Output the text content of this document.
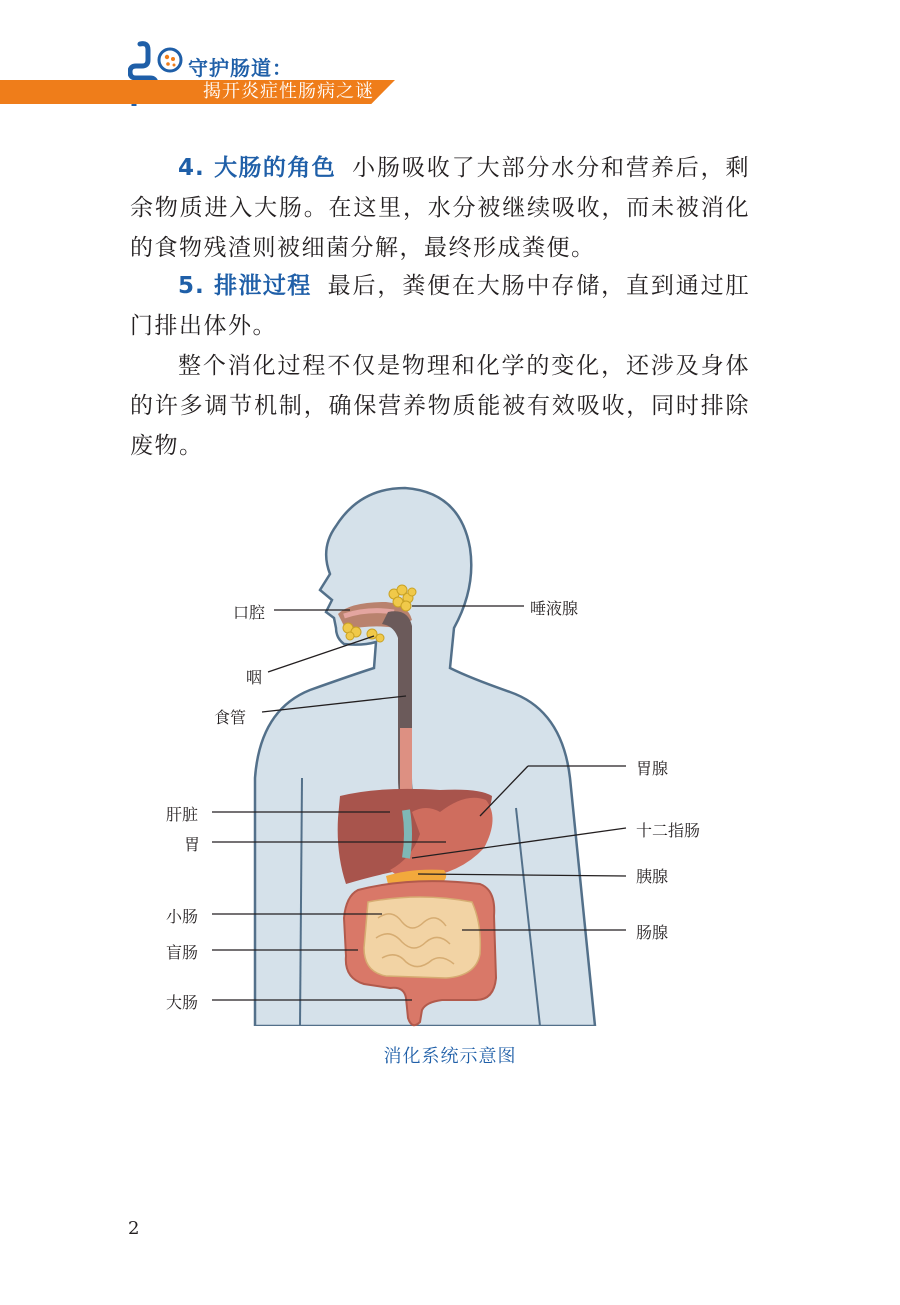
守护肠道：
揭开炎症性肠病之谜

4. 大肠的角色 小肠吸收了大部分水分和营养后，剩余物质进入大肠。在这里，水分被继续吸收，而未被消化的食物残渣则被细菌分解，最终形成粪便。

5. 排泄过程 最后，粪便在大肠中存储，直到通过肛门排出体外。

整个消化过程不仅是物理和化学的变化，还涉及身体的许多调节机制，确保营养物质能被有效吸收，同时排除废物。

口腔	唾液腺
咽
食管
胃腺
肝脏
胃
十二指肠
胰腺
小肠
肠腺
盲肠
大肠
消化系统示意图
2
